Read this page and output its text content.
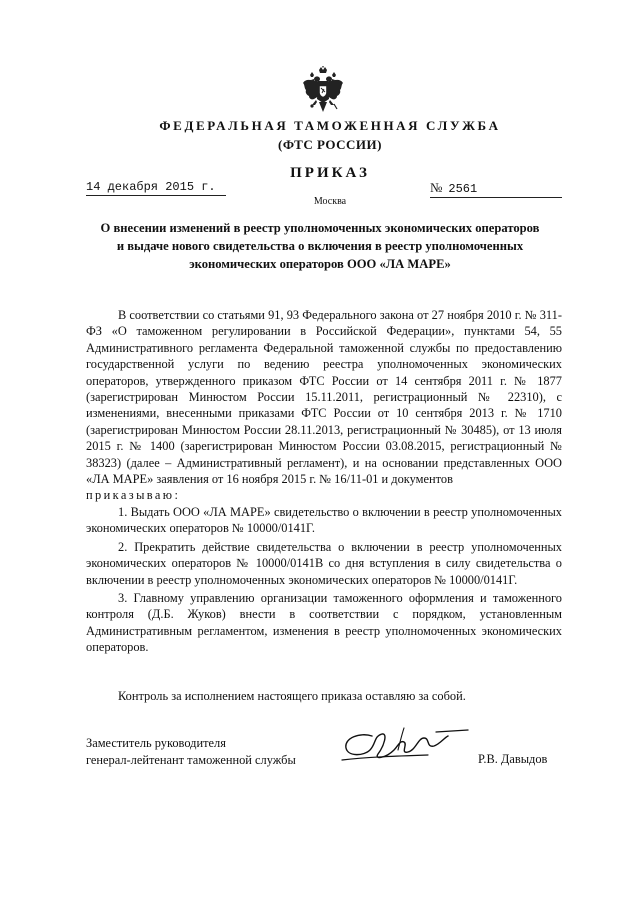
ФЕДЕРАЛЬНАЯ ТАМОЖЕННАЯ СЛУЖБА
(ФТС РОССИИ)
ПРИКАЗ
14 декабря 2015 г.	№ 2561
Москва
О внесении изменений в реестр уполномоченных экономических операторов
и выдаче нового свидетельства о включения в реестр уполномоченных
экономических операторов ООО «ЛА МАРЕ»

В соответствии со статьями 91, 93 Федерального закона от 27 ноября 2010 г. № 311-ФЗ «О таможенном регулировании в Российской Федерации», пунктами 54, 55 Административного регламента Федеральной таможенной службы по предоставлению государственной услуги по ведению реестра уполномоченных экономических операторов, утвержденного приказом ФТС России от 14 сентября 2011 г. № 1877 (зарегистрирован Минюстом России 15.11.2011, регистрационный № 22310), с изменениями, внесенными приказами ФТС России от 10 сентября 2013 г. № 1710 (зарегистрирован Минюстом России 28.11.2013, регистрационный № 30485), от 13 июля 2015 г. № 1400 (зарегистрирован Минюстом России 03.08.2015, регистрационный № 38323) (далее – Административный регламент), и на основании представленных ООО «ЛА МАРЕ» заявления от 16 ноября 2015 г. № 16/11-01 и документов

приказываю:

1. Выдать ООО «ЛА МАРЕ» свидетельство о включении в реестр уполномоченных экономических операторов № 10000/0141Г.

2. Прекратить действие свидетельства о включении в реестр уполномоченных экономических операторов № 10000/0141В со дня вступления в силу свидетельства о включении в реестр уполномоченных экономических операторов № 10000/0141Г.

3. Главному управлению организации таможенного оформления и таможенного контроля (Д.Б. Жуков) внести в соответствии с порядком, установленным Административным регламентом, изменения в реестр уполномоченных экономических операторов.

Контроль за исполнением настоящего приказа оставляю за собой.
Заместитель руководителя
генерал-лейтенант таможенной службы	Р.В. Давыдов
